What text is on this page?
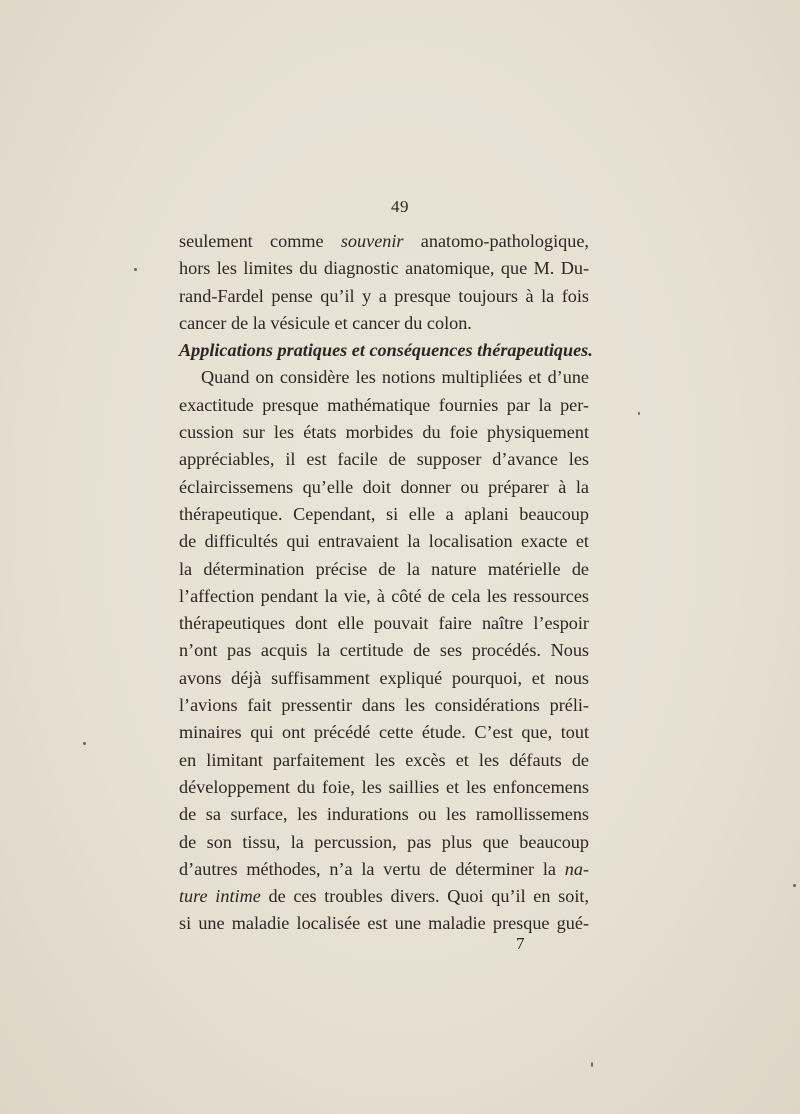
49
seulement comme souvenir anatomo-pathologique,
hors les limites du diagnostic anatomique, que M. Du-
rand-Fardel pense qu’il y a presque toujours à la fois
cancer de la vésicule et cancer du colon.
Applications pratiques et conséquences thérapeutiques.
Quand on considère les notions multipliées et d’une
exactitude presque mathématique fournies par la per-
cussion sur les états morbides du foie physiquement
appréciables, il est facile de supposer d’avance les
éclaircissemens qu’elle doit donner ou préparer à la
thérapeutique. Cependant, si elle a aplani beaucoup
de difficultés qui entravaient la localisation exacte et
la détermination précise de la nature matérielle de
l’affection pendant la vie, à côté de cela les ressources
thérapeutiques dont elle pouvait faire naître l’espoir
n’ont pas acquis la certitude de ses procédés. Nous
avons déjà suffisamment expliqué pourquoi, et nous
l’avions fait pressentir dans les considérations préli-
minaires qui ont précédé cette étude. C’est que, tout
en limitant parfaitement les excès et les défauts de
développement du foie, les saillies et les enfoncemens
de sa surface, les indurations ou les ramollissemens
de son tissu, la percussion, pas plus que beaucoup
d’autres méthodes, n’a la vertu de déterminer la na-
ture intime de ces troubles divers. Quoi qu’il en soit,
si une maladie localisée est une maladie presque gué-
7
